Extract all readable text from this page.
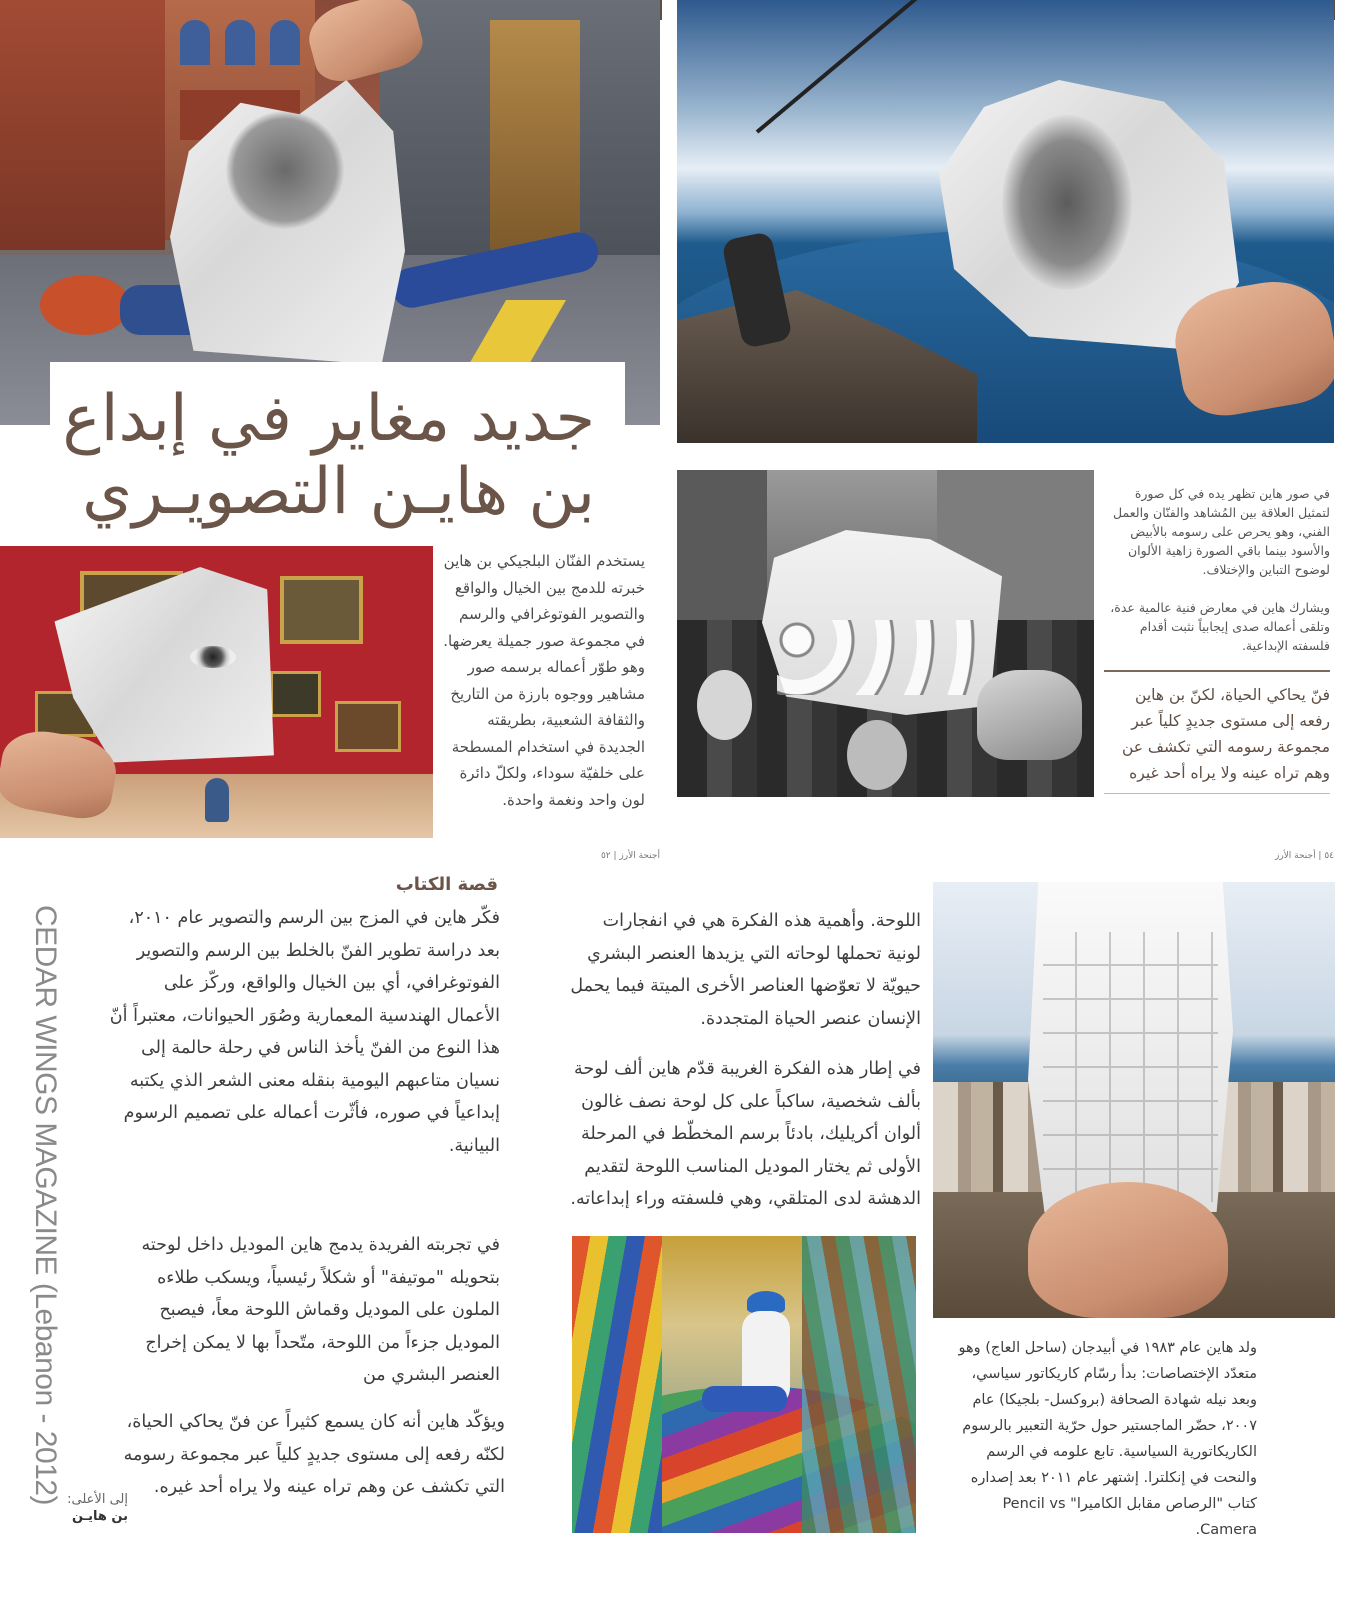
جديد مغاير في إبداع
بن هايـن التصويـري
يستخدم الفنّان البلجيكي بن هاين خبرته للدمج بين الخيال والواقع والتصوير الفوتوغرافي والرسم في مجموعة صور جميلة يعرضها. وهو طوّر أعماله برسمه صور مشاهير ووجوه بارزة من التاريخ والثقافة الشعبية، بطريقته الجديدة في استخدام المسطحة على خلفيّة سوداء، ولكلّ دائرة لون واحد ونغمة واحدة.
في صور هاين تظهر يده في كل صورة لتمثيل العلاقة بين المُشاهد والفنّان والعمل الفني، وهو يحرص على رسومه بالأبيض والأسود بينما باقي الصورة زاهية الألوان لوضوح التباين والإختلاف.
ويشارك هاين في معارض فنية عالمية عدة، وتلقى أعماله صدى إيجابياً نثبت أقدام فلسفته الإبداعية.
فنّ يحاكي الحياة، لكنّ بن هاين رفعه إلى مستوى جديدٍ كلياً عبر مجموعة رسومه التي تكشف عن وهم تراه عينه ولا يراه أحد غيره
أجنحة الأرز | ٥٢	٥٤ | أجنحة الأرز
CEDAR WINGS MAGAZINE (Lebanon - 2012)
قصة الكتاب
فكّر هاين في المزج بين الرسم والتصوير عام ٢٠١٠، بعد دراسة تطوير الفنّ بالخلط بين الرسم والتصوير الفوتوغرافي، أي بين الخيال والواقع، وركّز على الأعمال الهندسية المعمارية وصُوَر الحيوانات، معتبراً أنّ هذا النوع من الفنّ يأخذ الناس في رحلة حالمة إلى نسيان متاعبهم اليومية بنقله معنى الشعر الذي يكتبه إبداعياً في صوره، فأثّرت أعماله على تصميم الرسوم البيانية.
في تجربته الفريدة يدمج هاين الموديل داخل لوحته بتحويله "موتيفة" أو شكلاً رئيسياً، ويسكب طلاءه الملون على الموديل وقماش اللوحة معاً، فيصبح الموديل جزءاً من اللوحة، متّحداً بها لا يمكن إخراج العنصر البشري من
ويؤكّد هاين أنه كان يسمع كثيراً عن فنّ يحاكي الحياة، لكنّه رفعه إلى مستوى جديدٍ كلياً عبر مجموعة رسومه التي تكشف عن وهم تراه عينه ولا يراه أحد غيره.
إلى الأعلى:
بن هايـن
اللوحة. وأهمية هذه الفكرة هي في انفجارات لونية تحملها لوحاته التي يزيدها العنصر البشري حيويّة لا تعوّضها العناصر الأخرى الميتة فيما يحمل الإنسان عنصر الحياة المتجددة.
في إطار هذه الفكرة الغريبة قدّم هاين ألف لوحة بألف شخصية، ساكباً على كل لوحة نصف غالون ألوان أكريليك، بادئاً برسم المخطّط في المرحلة الأولى ثم يختار الموديل المناسب اللوحة لتقديم الدهشة لدى المتلقي، وهي فلسفته وراء إبداعاته.
ولد هاين عام ١٩٨٣ في أبيدجان (ساحل العاج) وهو متعدّد الإختصاصات: بدأ رسّام كاريكاتور سياسي، وبعد نيله شهادة الصحافة (بروكسل- بلجيكا) عام ٢٠٠٧، حضّر الماجستير حول حرّية التعبير بالرسوم الكاريكاتورية السياسية. تابع علومه في الرسم والنحت في إنكلترا. إشتهر عام ٢٠١١ بعد إصداره كتاب "الرصاص مقابل الكاميرا" Pencil vs Camera.
